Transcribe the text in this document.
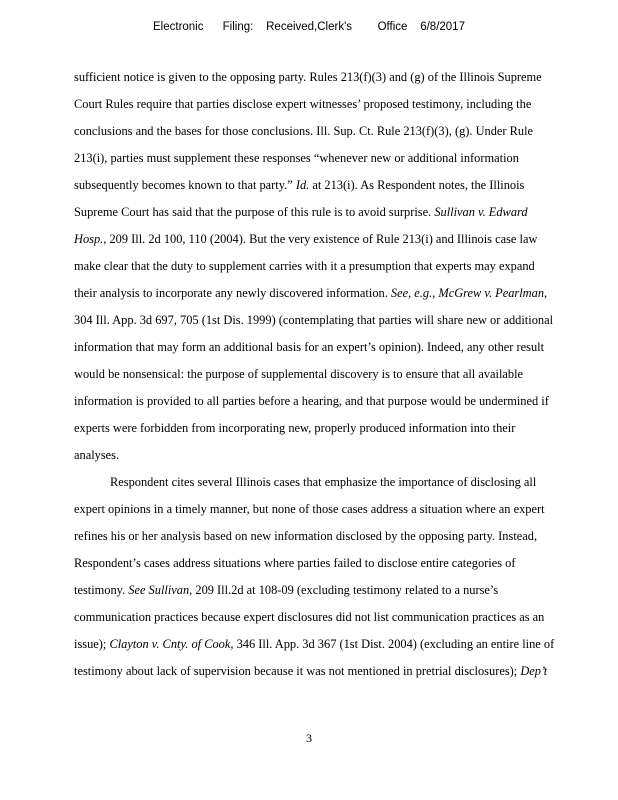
Electronic      Filing:    Received,Clerk's        Office    6/8/2017
sufficient notice is given to the opposing party. Rules 213(f)(3) and (g) of the Illinois Supreme
Court Rules require that parties disclose expert witnesses’ proposed testimony, including the
conclusions and the bases for those conclusions. Ill. Sup. Ct. Rule 213(f)(3), (g). Under Rule
213(i), parties must supplement these responses “whenever new or additional information
subsequently becomes known to that party.” Id. at 213(i). As Respondent notes, the Illinois
Supreme Court has said that the purpose of this rule is to avoid surprise. Sullivan v. Edward
Hosp., 209 Ill. 2d 100, 110 (2004). But the very existence of Rule 213(i) and Illinois case law
make clear that the duty to supplement carries with it a presumption that experts may expand
their analysis to incorporate any newly discovered information. See, e.g., McGrew v. Pearlman,
304 Ill. App. 3d 697, 705 (1st Dis. 1999) (contemplating that parties will share new or additional
information that may form an additional basis for an expert’s opinion). Indeed, any other result
would be nonsensical: the purpose of supplemental discovery is to ensure that all available
information is provided to all parties before a hearing, and that purpose would be undermined if
experts were forbidden from incorporating new, properly produced information into their
analyses.
Respondent cites several Illinois cases that emphasize the importance of disclosing all
expert opinions in a timely manner, but none of those cases address a situation where an expert
refines his or her analysis based on new information disclosed by the opposing party. Instead,
Respondent’s cases address situations where parties failed to disclose entire categories of
testimony. See Sullivan, 209 Ill.2d at 108-09 (excluding testimony related to a nurse’s
communication practices because expert disclosures did not list communication practices as an
issue); Clayton v. Cnty. of Cook, 346 Ill. App. 3d 367 (1st Dist. 2004) (excluding an entire line of
testimony about lack of supervision because it was not mentioned in pretrial disclosures); Dep’t
3
